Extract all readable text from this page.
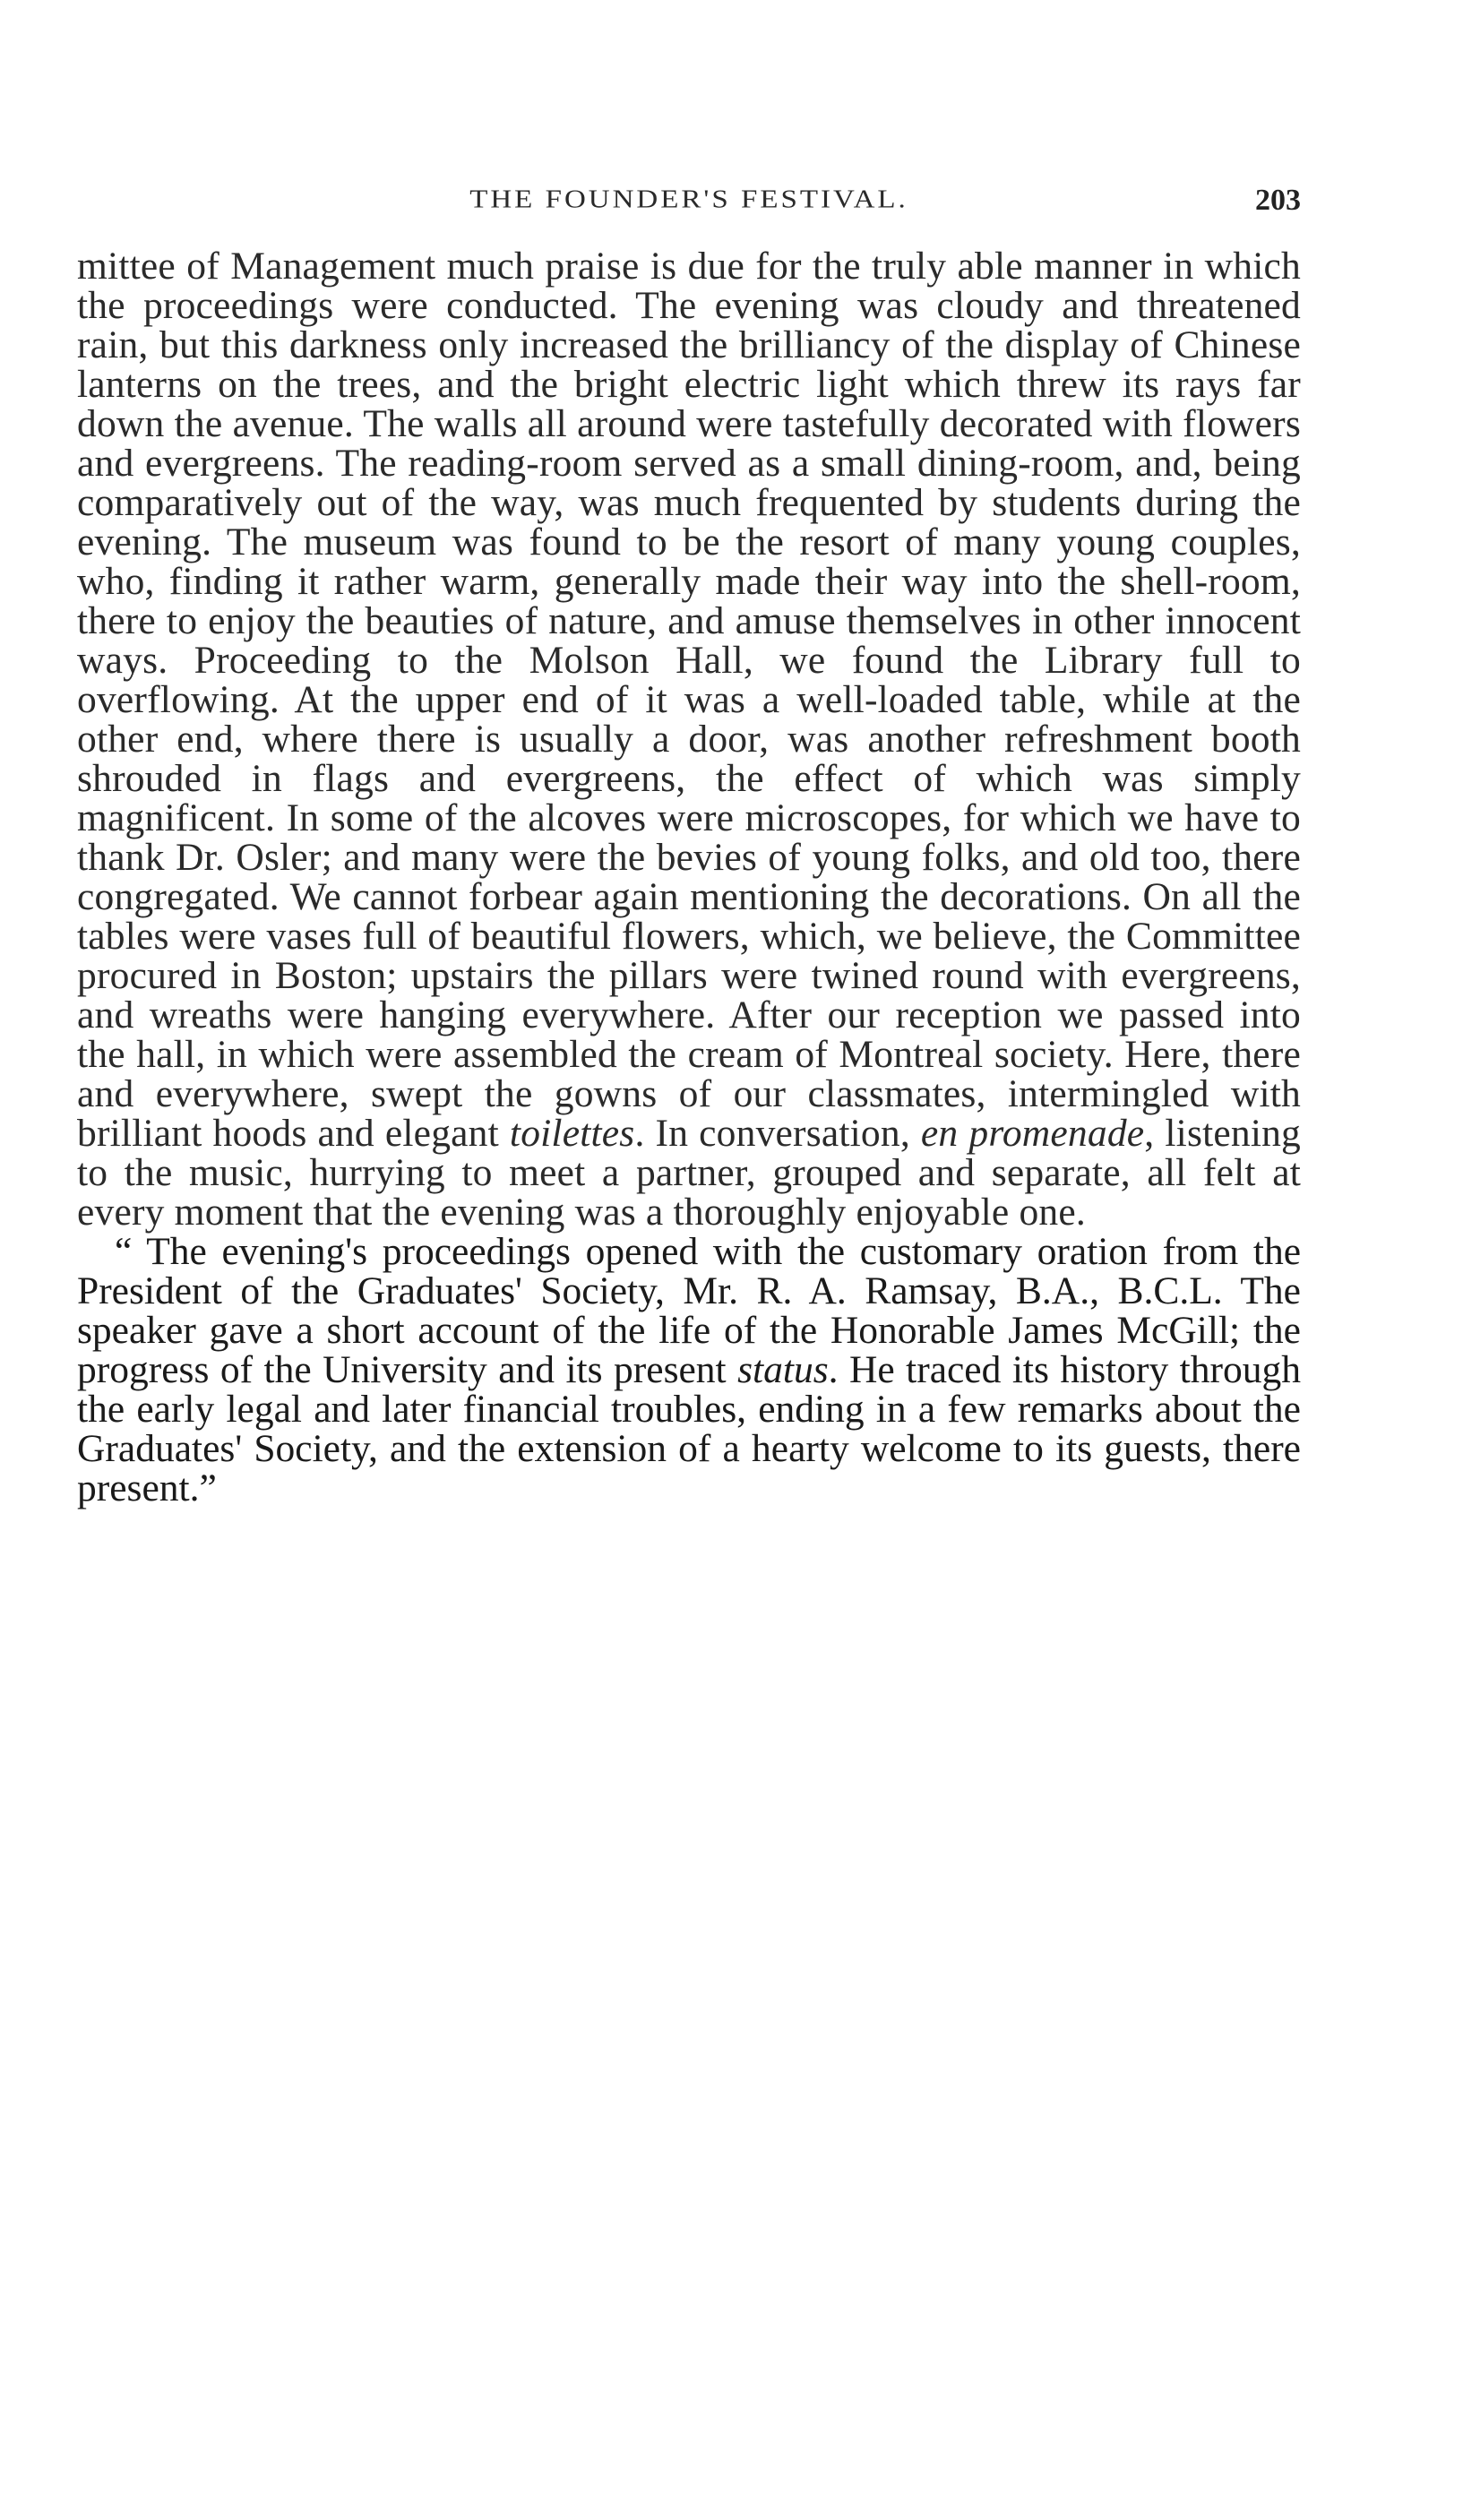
THE FOUNDER'S FESTIVAL.	203

mittee of Management much praise is due for the truly able manner in which the proceedings were conducted. The evening was cloudy and threatened rain, but this darkness only increased the brilliancy of the display of Chinese lanterns on the trees, and the bright electric light which threw its rays far down the avenue. The walls all around were tastefully decorated with flowers and evergreens. The reading-room served as a small dining-room, and, being comparatively out of the way, was much frequented by students during the evening. The museum was found to be the resort of many young couples, who, finding it rather warm, generally made their way into the shell-room, there to enjoy the beauties of nature, and amuse themselves in other innocent ways. Proceeding to the Molson Hall, we found the Library full to overflowing. At the upper end of it was a well-loaded table, while at the other end, where there is usually a door, was another refreshment booth shrouded in flags and evergreens, the effect of which was simply magnificent. In some of the alcoves were microscopes, for which we have to thank Dr. Osler; and many were the bevies of young folks, and old too, there congregated. We cannot forbear again mentioning the decorations. On all the tables were vases full of beautiful flowers, which, we believe, the Committee procured in Boston; upstairs the pillars were twined round with evergreens, and wreaths were hanging everywhere. After our reception we passed into the hall, in which were assembled the cream of Montreal society. Here, there and everywhere, swept the gowns of our classmates, intermingled with brilliant hoods and elegant toilettes. In conversation, en promenade, listening to the music, hurrying to meet a partner, grouped and separate, all felt at every moment that the evening was a thoroughly enjoyable one.

“ The evening's proceedings opened with the customary oration from the President of the Graduates' Society, Mr. R. A. Ramsay, B.A., B.C.L. The speaker gave a short account of the life of the Honorable James McGill; the progress of the University and its present status. He traced its history through the early legal and later financial troubles, ending in a few remarks about the Graduates' Society, and the extension of a hearty welcome to its guests, there present.”
